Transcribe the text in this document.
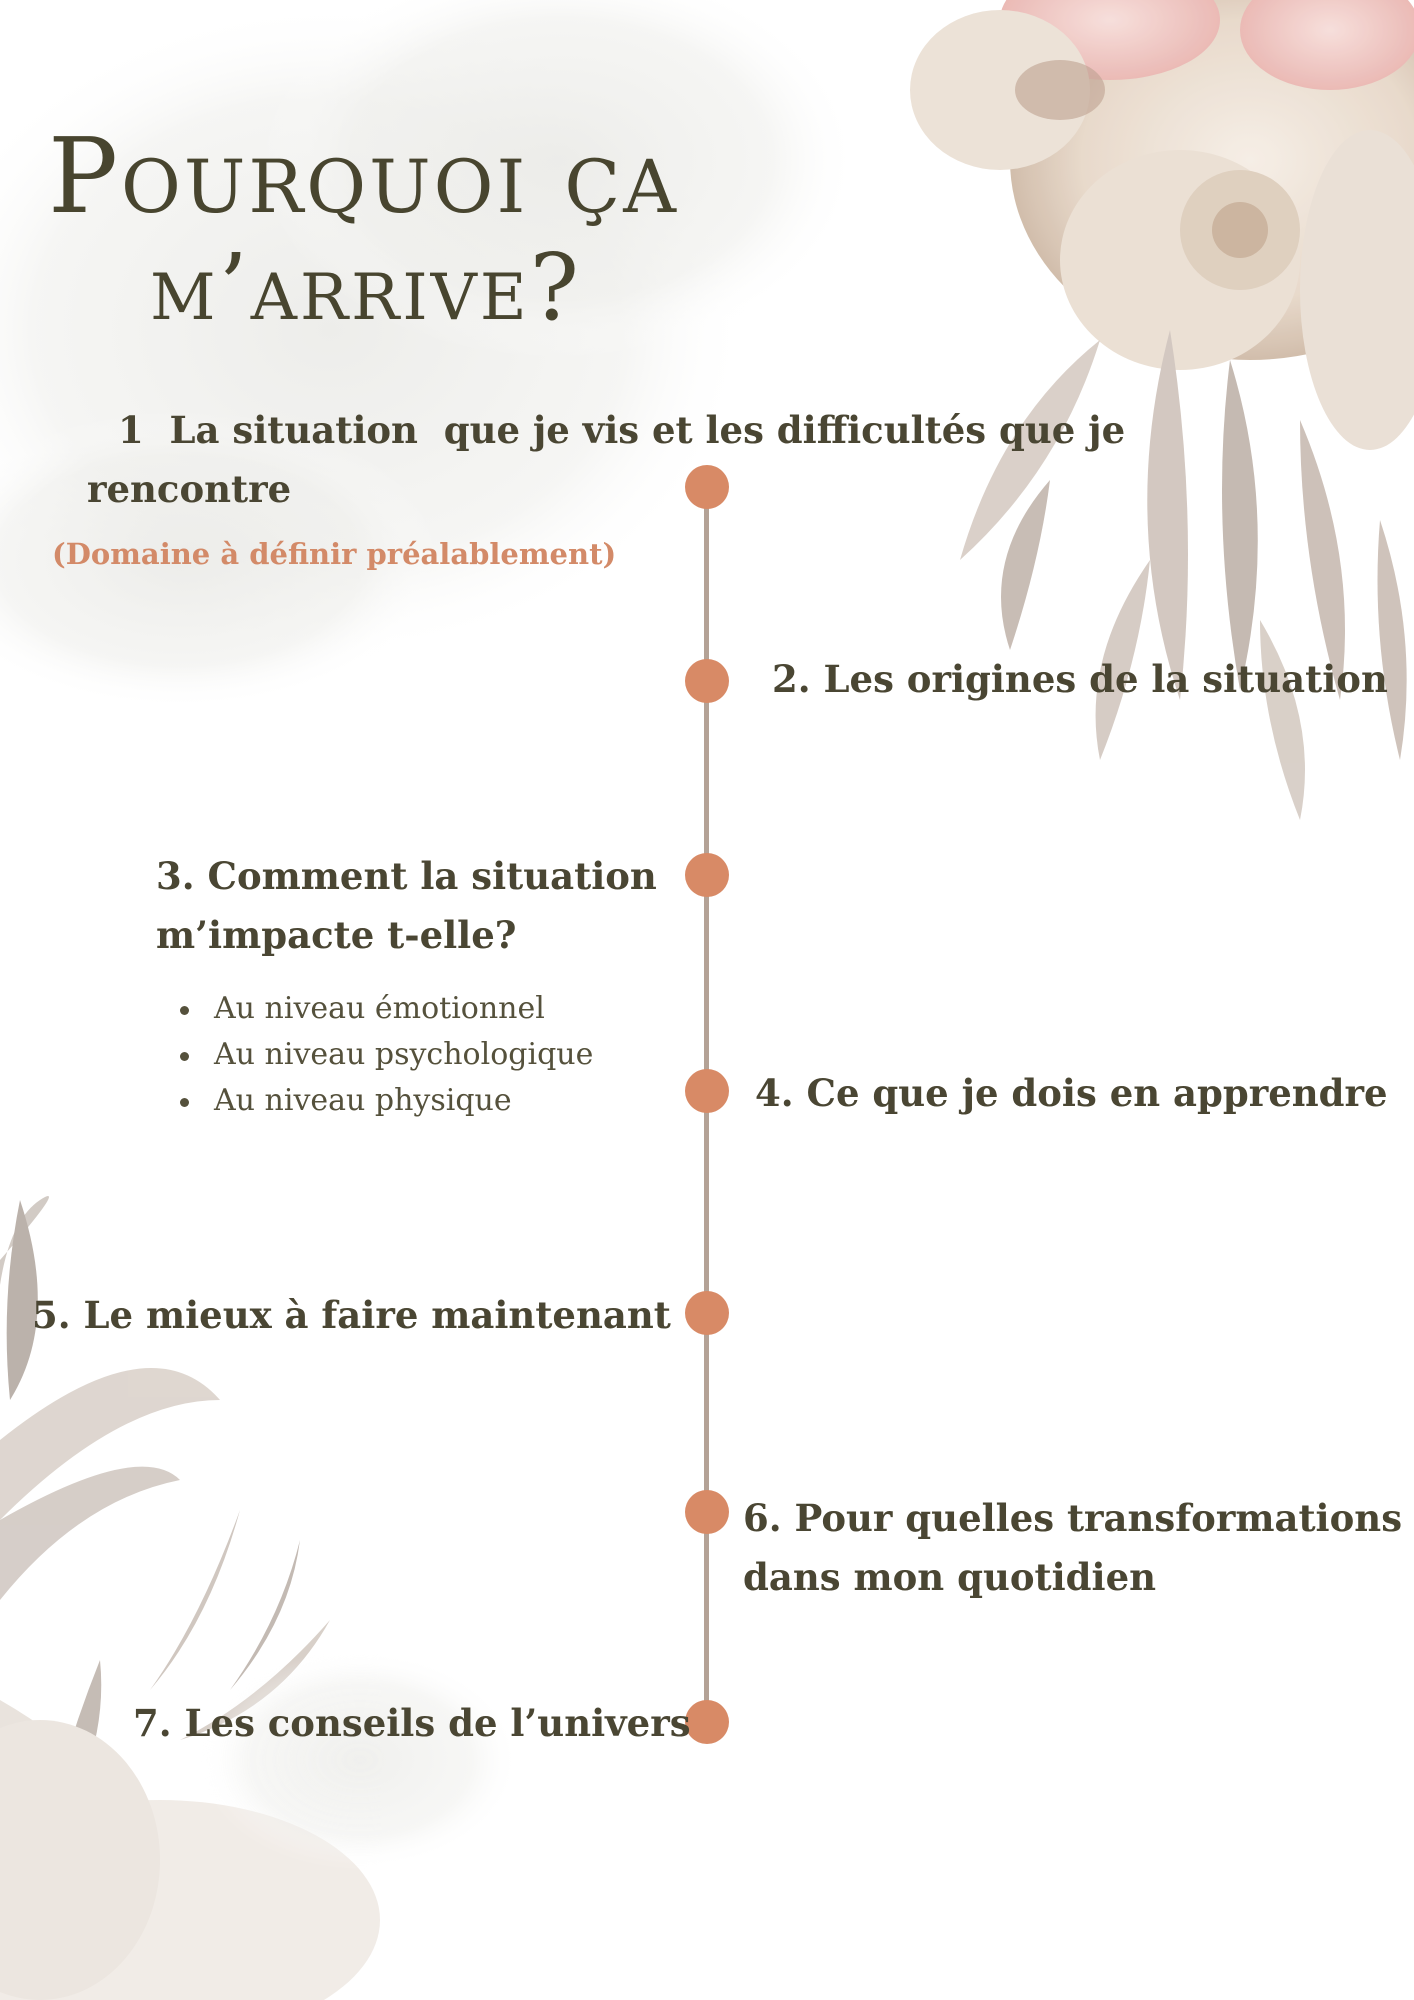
Pourquoi ça
m’arrive?
1  La situation  que je vis et les difficultés que je
rencontre
(Domaine à définir préalablement)
2. Les origines de la situation
3. Comment la situation
m’impacte t-elle?
Au niveau émotionnel
Au niveau psychologique
Au niveau physique	4. Ce que je dois en apprendre
5. Le mieux à faire maintenant
6. Pour quelles transformations
dans mon quotidien
7. Les conseils de l’univers
